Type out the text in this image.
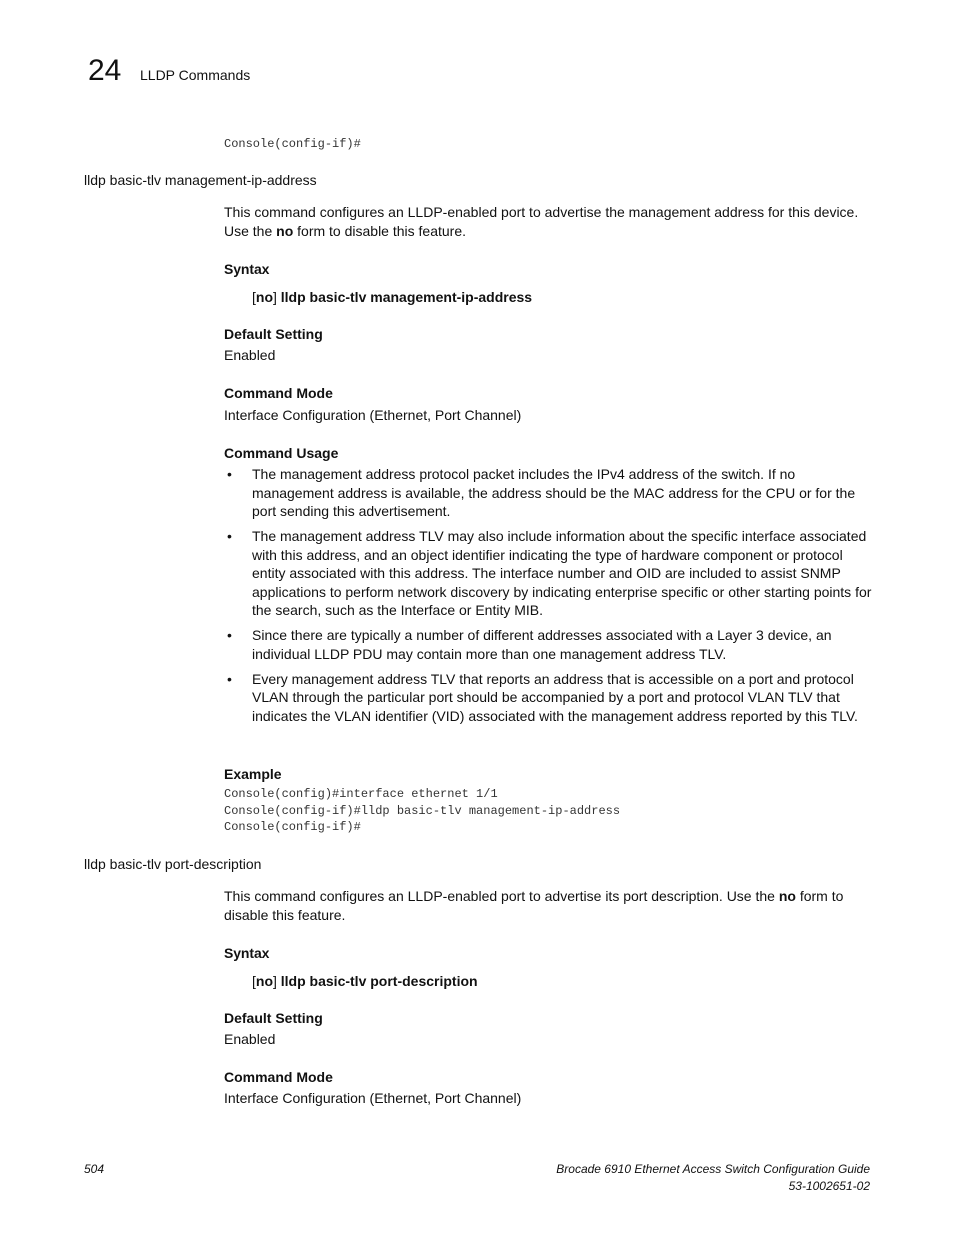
24 LLDP Commands
Console(config-if)#
lldp basic-tlv management-ip-address
This command configures an LLDP-enabled port to advertise the management address for this device. Use the no form to disable this feature.
Syntax
[no] lldp basic-tlv management-ip-address
Default Setting
Enabled
Command Mode
Interface Configuration (Ethernet, Port Channel)
Command Usage
• The management address protocol packet includes the IPv4 address of the switch. If no management address is available, the address should be the MAC address for the CPU or for the port sending this advertisement.
• The management address TLV may also include information about the specific interface associated with this address, and an object identifier indicating the type of hardware component or protocol entity associated with this address. The interface number and OID are included to assist SNMP applications to perform network discovery by indicating enterprise specific or other starting points for the search, such as the Interface or Entity MIB.
• Since there are typically a number of different addresses associated with a Layer 3 device, an individual LLDP PDU may contain more than one management address TLV.
• Every management address TLV that reports an address that is accessible on a port and protocol VLAN through the particular port should be accompanied by a port and protocol VLAN TLV that indicates the VLAN identifier (VID) associated with the management address reported by this TLV.
Example
Console(config)#interface ethernet 1/1
Console(config-if)#lldp basic-tlv management-ip-address
Console(config-if)#
lldp basic-tlv port-description
This command configures an LLDP-enabled port to advertise its port description. Use the no form to disable this feature.
Syntax
[no] lldp basic-tlv port-description
Default Setting
Enabled
Command Mode
Interface Configuration (Ethernet, Port Channel)
504	Brocade 6910 Ethernet Access Switch Configuration Guide
53-1002651-02
